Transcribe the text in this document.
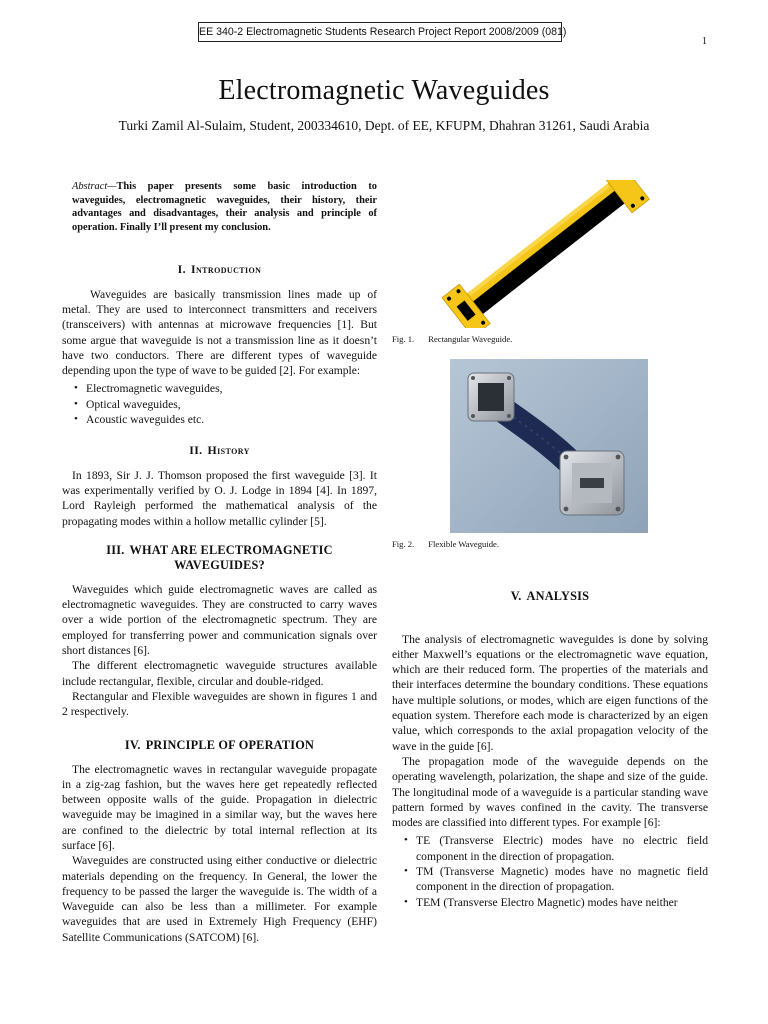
EE 340-2 Electromagnetic Students Research Project Report 2008/2009 (081)
1
Electromagnetic Waveguides
Turki Zamil Al-Sulaim, Student, 200334610, Dept. of EE, KFUPM, Dhahran 31261, Saudi Arabia

Abstract—This paper presents some basic introduction to waveguides, electromagnetic waveguides, their history, their advantages and disadvantages, their analysis and principle of operation. Finally I’ll present my conclusion.

I. Introduction

Waveguides are basically transmission lines made up of metal. They are used to interconnect transmitters and receivers (transceivers) with antennas at microwave frequencies [1]. But some argue that waveguide is not a transmission line as it doesn’t have two conductors. There are different types of waveguide depending upon the type of wave to be guided [2]. For example:

• Electromagnetic waveguides,
• Optical waveguides,
• Acoustic waveguides etc.
II. History

In 1893, Sir J. J. Thomson proposed the first waveguide [3]. It was experimentally verified by O. J. Lodge in 1894 [4]. In 1897, Lord Rayleigh performed the mathematical analysis of the propagating modes within a hollow metallic cylinder [5].

III. WHAT ARE ELECTROMAGNETIC WAVEGUIDES?

Waveguides which guide electromagnetic waves are called as electromagnetic waveguides. They are constructed to carry waves over a wide portion of the electromagnetic spectrum. They are employed for transferring power and communication signals over short distances [6].

The different electromagnetic waveguide structures available include rectangular, flexible, circular and double-ridged.

Rectangular and Flexible waveguides are shown in figures 1 and 2 respectively.

IV. PRINCIPLE OF OPERATION

The electromagnetic waves in rectangular waveguide propagate in a zig-zag fashion, but the waves here get repeatedly reflected between opposite walls of the guide. Propagation in dielectric waveguide may be imagined in a similar way, but the waves here are confined to the dielectric by total internal reflection at its surface [6].

Waveguides are constructed using either conductive or dielectric materials depending on the frequency. In General, the lower the frequency to be passed the larger the waveguide is. The width of a Waveguide can also be less than a millimeter. For example waveguides that are used in Extremely High Frequency (EHF) Satellite Communications (SATCOM) [6].

Fig. 1. Rectangular Waveguide.
Fig. 2. Flexible Waveguide.
V. ANALYSIS

The analysis of electromagnetic waveguides is done by solving either Maxwell’s equations or the electromagnetic wave equation, which are their reduced form. The properties of the materials and their interfaces determine the boundary conditions. These equations have multiple solutions, or modes, which are eigen functions of the equation system. Therefore each mode is characterized by an eigen value, which corresponds to the axial propagation velocity of the wave in the guide [6].

The propagation mode of the waveguide depends on the operating wavelength, polarization, the shape and size of the guide. The longitudinal mode of a waveguide is a particular standing wave pattern formed by waves confined in the cavity. The transverse modes are classified into different types. For example [6]:

• TE (Transverse Electric) modes have no electric field component in the direction of propagation.
• TM (Transverse Magnetic) modes have no magnetic field component in the direction of propagation.
• TEM (Transverse Electro Magnetic) modes have neither
